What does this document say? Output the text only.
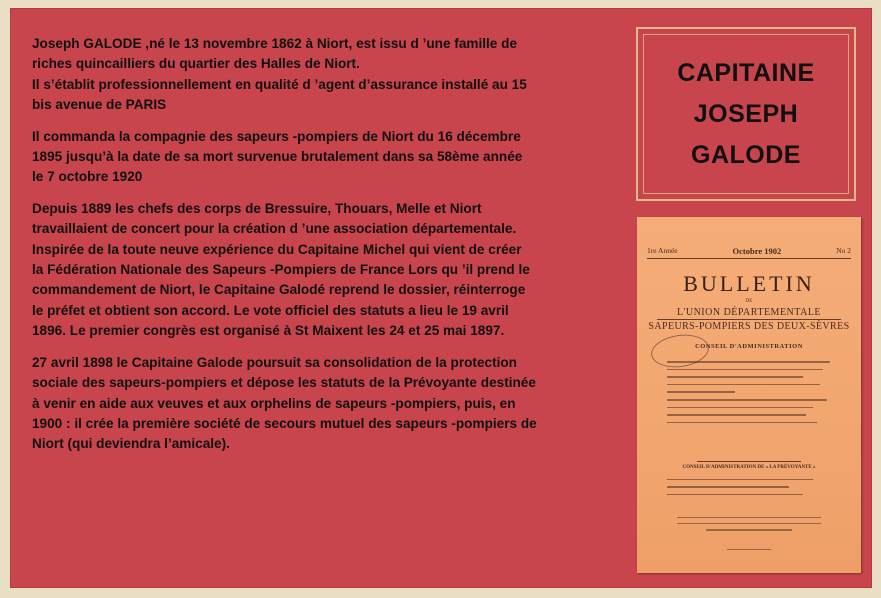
Joseph GALODE ,né le 13 novembre 1862 à Niort, est issu d ’une famille de
riches quincailliers du quartier des Halles de Niort.
Il s’établit professionnellement en qualité d ’agent d’assurance installé au 15
bis avenue de PARIS

Il commanda la compagnie des sapeurs -pompiers de Niort du 16 décembre
1895 jusqu’à la date de sa mort survenue brutalement dans sa 58ème année
le 7 octobre 1920

Depuis 1889 les chefs des corps de Bressuire, Thouars, Melle et Niort
travaillaient de concert pour la création d ’une association départementale.
Inspirée de la toute neuve expérience du Capitaine Michel qui vient de créer
la Fédération Nationale des Sapeurs -Pompiers de France Lors qu ’il prend le
commandement de Niort, le Capitaine Galodé reprend le dossier, réinterroge
le préfet et obtient son accord. Le vote officiel des statuts a lieu le 19 avril
1896. Le premier congrès est organisé à St Maixent les 24 et 25 mai 1897.

27 avril 1898 le Capitaine Galode poursuit sa consolidation de la protection
sociale des sapeurs-pompiers et dépose les statuts de la Prévoyante destinée
à venir en aide aux veuves et aux orphelins de sapeurs -pompiers, puis, en
1900 : il crée la première société de secours mutuel des sapeurs -pompiers de
Niort (qui deviendra l’amicale).

CAPITAINE
JOSEPH
GALODE
1re Année	Octobre 1902	No 2
BULLETIN
DE
L'UNION DÉPARTEMENTALE
SAPEURS-POMPIERS DES DEUX-SÈVRES
CONSEIL D'ADMINISTRATION
CONSEIL D'ADMINISTRATION DE « LA PRÉVOYANTE »
